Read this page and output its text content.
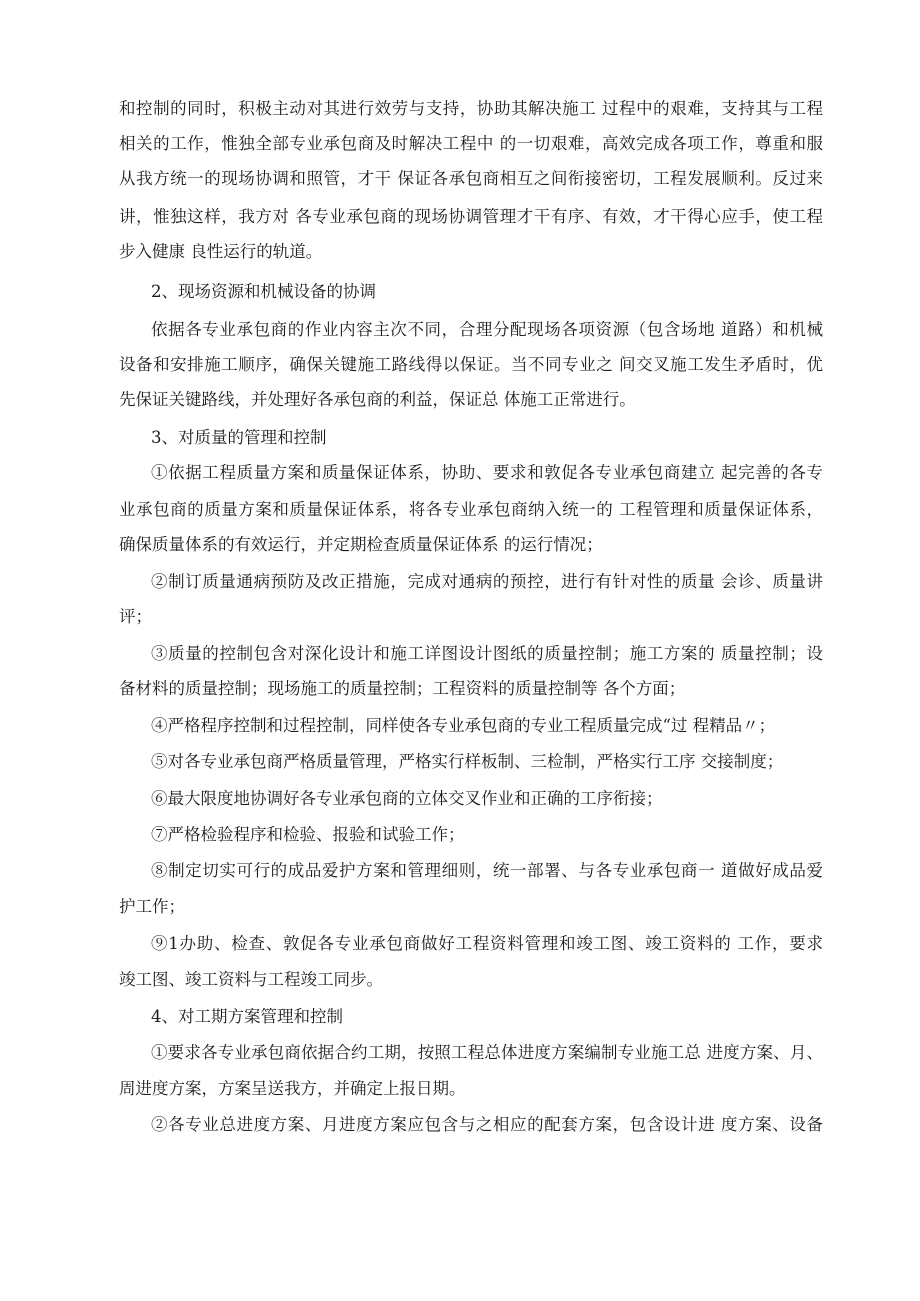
和控制的同时，积极主动对其进行效劳与支持，协助其解决施工 过程中的艰难，支持其与工程
相关的工作，惟独全部专业承包商及时解决工程中 的一切艰难，高效完成各项工作，尊重和服
从我方统一的现场协调和照管，才干 保证各承包商相互之间衔接密切，工程发展顺利。反过来
讲，惟独这样，我方对 各专业承包商的现场协调管理才干有序、有效，才干得心应手，使工程
步入健康 良性运行的轨道。
2、现场资源和机械设备的协调
依据各专业承包商的作业内容主次不同，合理分配现场各项资源（包含场地 道路）和机械
设备和安排施工顺序，确保关键施工路线得以保证。当不同专业之 间交叉施工发生矛盾时，优
先保证关键路线，并处理好各承包商的利益，保证总 体施工正常进行。
3、对质量的管理和控制
①依据工程质量方案和质量保证体系，协助、要求和敦促各专业承包商建立 起完善的各专
业承包商的质量方案和质量保证体系，将各专业承包商纳入统一的 工程管理和质量保证体系，
确保质量体系的有效运行，并定期检查质量保证体系 的运行情况；
②制订质量通病预防及改正措施，完成对通病的预控，进行有针对性的质量 会诊、质量讲
评；
③质量的控制包含对深化设计和施工详图设计图纸的质量控制；施工方案的 质量控制；设
备材料的质量控制；现场施工的质量控制；工程资料的质量控制等 各个方面；
④严格程序控制和过程控制，同样使各专业承包商的专业工程质量完成“过 程精品〃；
⑤对各专业承包商严格质量管理，严格实行样板制、三检制，严格实行工序 交接制度；
⑥最大限度地协调好各专业承包商的立体交叉作业和正确的工序衔接；
⑦严格检验程序和检验、报验和试验工作；
⑧制定切实可行的成品爱护方案和管理细则，统一部署、与各专业承包商一 道做好成品爱
护工作；
⑨1办助、检查、敦促各专业承包商做好工程资料管理和竣工图、竣工资料的 工作，要求
竣工图、竣工资料与工程竣工同步。
4、对工期方案管理和控制
①要求各专业承包商依据合约工期，按照工程总体进度方案编制专业施工总 进度方案、月、
周进度方案，方案呈送我方，并确定上报日期。
②各专业总进度方案、月进度方案应包含与之相应的配套方案，包含设计进 度方案、设备
